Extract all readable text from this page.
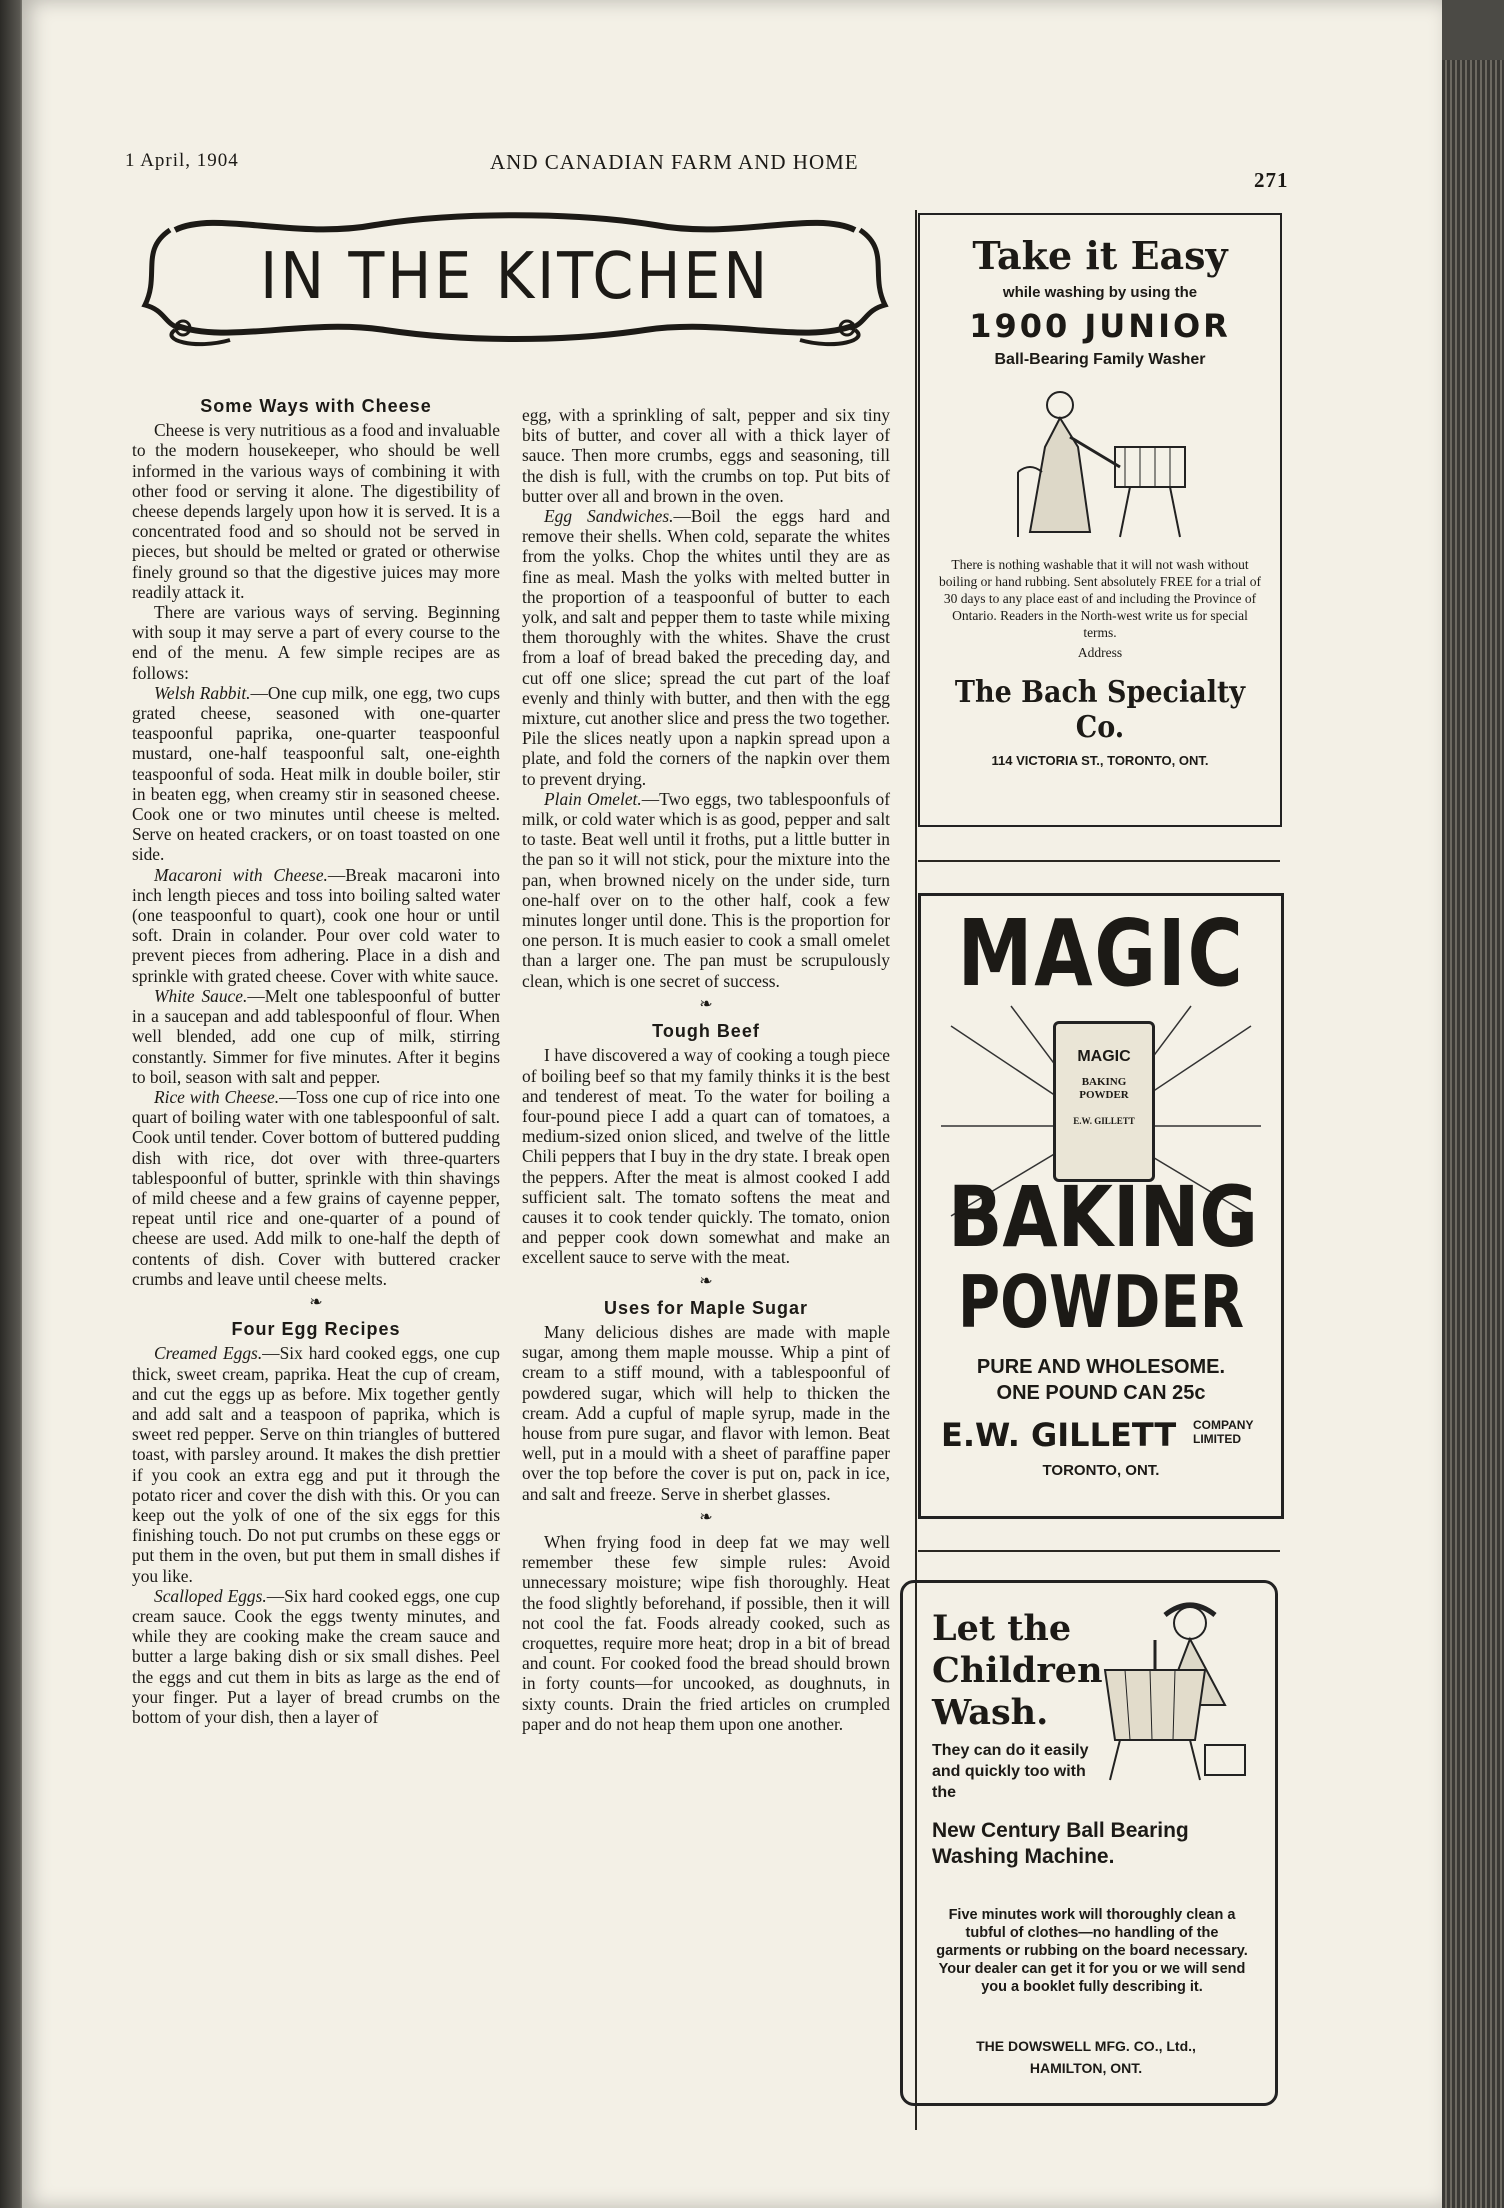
1 April, 1904	AND CANADIAN FARM AND HOME
271
IN THE KITCHEN
Some Ways with Cheese

Cheese is very nutritious as a food and invaluable to the modern housekeeper, who should be well informed in the various ways of combining it with other food or serving it alone. The digestibility of cheese depends largely upon how it is served. It is a concentrated food and so should not be served in pieces, but should be melted or grated or otherwise finely ground so that the digestive juices may more readily attack it.

There are various ways of serving. Beginning with soup it may serve a part of every course to the end of the menu. A few simple recipes are as follows:

Welsh Rabbit.—One cup milk, one egg, two cups grated cheese, seasoned with one-quarter teaspoonful paprika, one-quarter teaspoonful mustard, one-half teaspoonful salt, one-eighth teaspoonful of soda. Heat milk in double boiler, stir in beaten egg, when creamy stir in seasoned cheese. Cook one or two minutes until cheese is melted. Serve on heated crackers, or on toast toasted on one side.

Macaroni with Cheese.—Break macaroni into inch length pieces and toss into boiling salted water (one teaspoonful to quart), cook one hour or until soft. Drain in colander. Pour over cold water to prevent pieces from adhering. Place in a dish and sprinkle with grated cheese. Cover with white sauce.

White Sauce.—Melt one tablespoonful of butter in a saucepan and add tablespoonful of flour. When well blended, add one cup of milk, stirring constantly. Simmer for five minutes. After it begins to boil, season with salt and pepper.

Rice with Cheese.—Toss one cup of rice into one quart of boiling water with one tablespoonful of salt. Cook until tender. Cover bottom of buttered pudding dish with rice, dot over with three-quarters tablespoonful of butter, sprinkle with thin shavings of mild cheese and a few grains of cayenne pepper, repeat until rice and one-quarter of a pound of cheese are used. Add milk to one-half the depth of contents of dish. Cover with buttered cracker crumbs and leave until cheese melts.

❧
Four Egg Recipes

Creamed Eggs.—Six hard cooked eggs, one cup thick, sweet cream, paprika. Heat the cup of cream, and cut the eggs up as before. Mix together gently and add salt and a teaspoon of paprika, which is sweet red pepper. Serve on thin triangles of buttered toast, with parsley around. It makes the dish prettier if you cook an extra egg and put it through the potato ricer and cover the dish with this. Or you can keep out the yolk of one of the six eggs for this finishing touch. Do not put crumbs on these eggs or put them in the oven, but put them in small dishes if you like.

Scalloped Eggs.—Six hard cooked eggs, one cup cream sauce. Cook the eggs twenty minutes, and while they are cooking make the cream sauce and butter a large baking dish or six small dishes. Peel the eggs and cut them in bits as large as the end of your finger. Put a layer of bread crumbs on the bottom of your dish, then a layer of

egg, with a sprinkling of salt, pepper and six tiny bits of butter, and cover all with a thick layer of sauce. Then more crumbs, eggs and seasoning, till the dish is full, with the crumbs on top. Put bits of butter over all and brown in the oven.

Egg Sandwiches.—Boil the eggs hard and remove their shells. When cold, separate the whites from the yolks. Chop the whites until they are as fine as meal. Mash the yolks with melted butter in the proportion of a teaspoonful of butter to each yolk, and salt and pepper them to taste while mixing them thoroughly with the whites. Shave the crust from a loaf of bread baked the preceding day, and cut off one slice; spread the cut part of the loaf evenly and thinly with butter, and then with the egg mixture, cut another slice and press the two together. Pile the slices neatly upon a napkin spread upon a plate, and fold the corners of the napkin over them to prevent drying.

Plain Omelet.—Two eggs, two tablespoonfuls of milk, or cold water which is as good, pepper and salt to taste. Beat well until it froths, put a little butter in the pan so it will not stick, pour the mixture into the pan, when browned nicely on the under side, turn one-half over on to the other half, cook a few minutes longer until done. This is the proportion for one person. It is much easier to cook a small omelet than a larger one. The pan must be scrupulously clean, which is one secret of success.

❧
Tough Beef

I have discovered a way of cooking a tough piece of boiling beef so that my family thinks it is the best and tenderest of meat. To the water for boiling a four-pound piece I add a quart can of tomatoes, a medium-sized onion sliced, and twelve of the little Chili peppers that I buy in the dry state. I break open the peppers. After the meat is almost cooked I add sufficient salt. The tomato softens the meat and causes it to cook tender quickly. The tomato, onion and pepper cook down somewhat and make an excellent sauce to serve with the meat.

❧
Uses for Maple Sugar

Many delicious dishes are made with maple sugar, among them maple mousse. Whip a pint of cream to a stiff mound, with a tablespoonful of powdered sugar, which will help to thicken the cream. Add a cupful of maple syrup, made in the house from pure sugar, and flavor with lemon. Beat well, put in a mould with a sheet of paraffine paper over the top before the cover is put on, pack in ice, and salt and freeze. Serve in sherbet glasses.

❧

When frying food in deep fat we may well remember these few simple rules: Avoid unnecessary moisture; wipe fish thoroughly. Heat the food slightly beforehand, if possible, then it will not cool the fat. Foods already cooked, such as croquettes, require more heat; drop in a bit of bread and count. For cooked food the bread should brown in forty counts—for uncooked, as doughnuts, in sixty counts. Drain the fried articles on crumpled paper and do not heap them upon one another.

Take it Easy
while washing by using the
1900 JUNIOR
Ball-Bearing Family Washer
There is nothing washable that it will not wash without boiling or hand rubbing. Sent absolutely FREE for a trial of 30 days to any place east of and including the Province of Ontario. Readers in the North-west write us for special terms.
Address
The Bach Specialty Co.
114 VICTORIA ST., TORONTO, ONT.
MAGIC
MAGIC
BAKING POWDER
E.W. GILLETT
BAKING
POWDER
PURE AND WHOLESOME.
ONE POUND CAN 25c
E.W. GILLETT COMPANY
LIMITED
TORONTO, ONT.
Let the Children Wash.
They can do it easily and quickly too with the
New Century Ball Bearing Washing Machine.
Five minutes work will thoroughly clean a tubful of clothes—no handling of the garments or rubbing on the board necessary. Your dealer can get it for you or we will send you a booklet fully describing it.
THE DOWSWELL MFG. CO., Ltd.,
HAMILTON, ONT.
